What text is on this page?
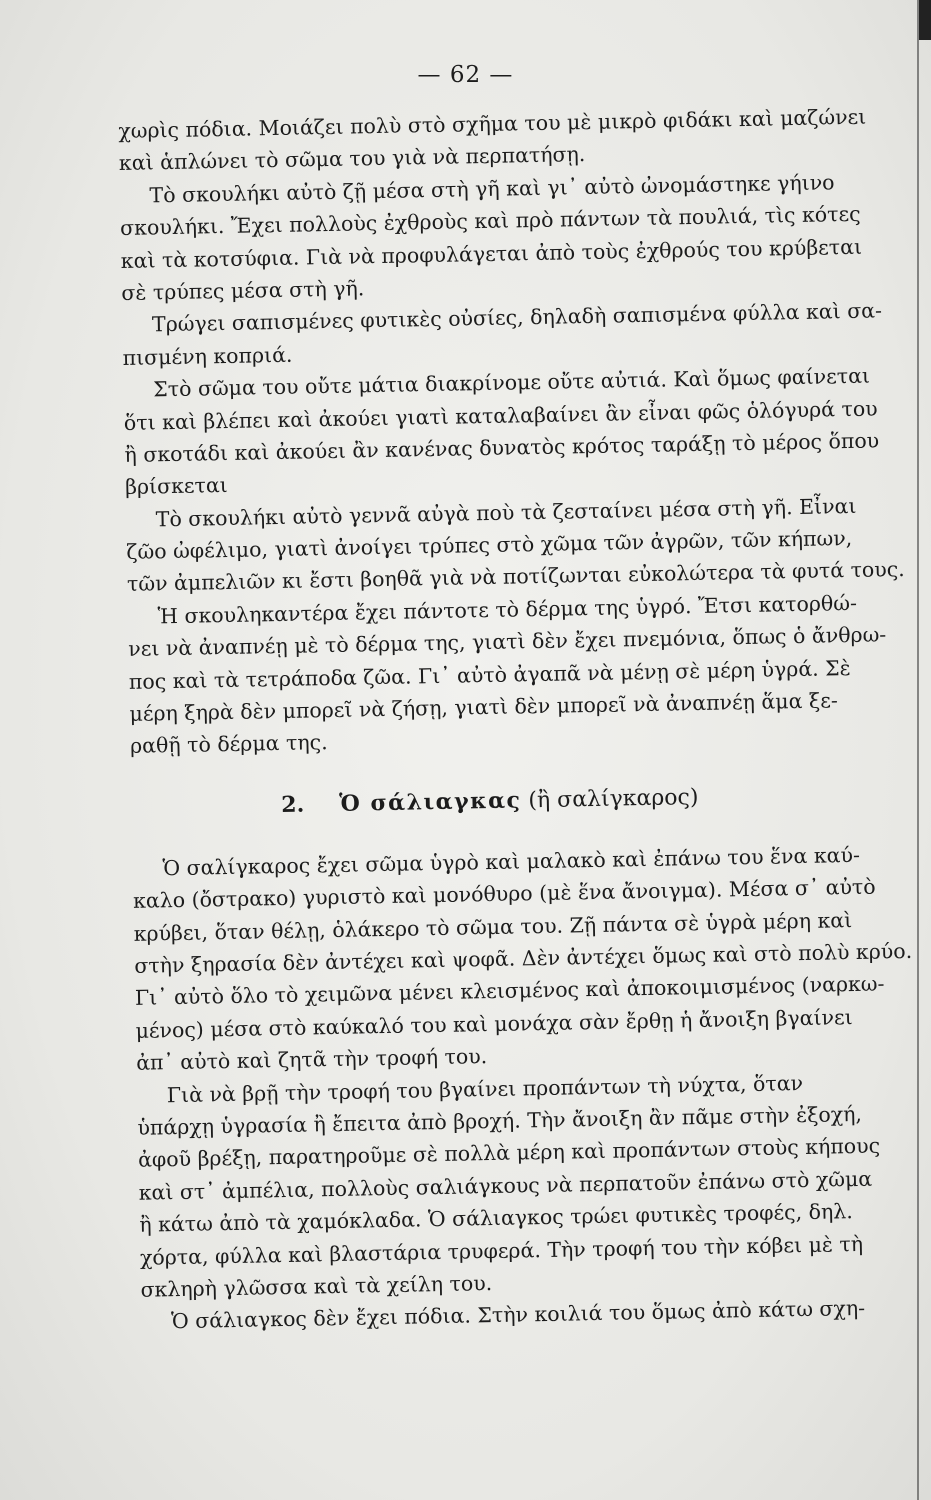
— 62 —
χωρὶς πόδια. Μοιάζει πολὺ στὸ σχῆμα του μὲ μικρὸ φιδάκι καὶ μαζώνει
καὶ ἁπλώνει τὸ σῶμα του γιὰ νὰ περπατήσῃ.
Τὸ σκουλήκι αὐτὸ ζῇ μέσα στὴ γῆ καὶ γι᾽ αὐτὸ ὠνομάστηκε γήινο
σκουλήκι. Ἔχει πολλοὺς ἐχθροὺς καὶ πρὸ πάντων τὰ πουλιά, τὶς κότες
καὶ τὰ κοτσύφια. Γιὰ νὰ προφυλάγεται ἀπὸ τοὺς ἐχθρούς του κρύβεται
σὲ τρύπες μέσα στὴ γῆ.
Τρώγει σαπισμένες φυτικὲς οὐσίες, δηλαδὴ σαπισμένα φύλλα καὶ σα-
πισμένη κοπριά.
Στὸ σῶμα του οὔτε μάτια διακρίνομε οὔτε αὐτιά. Καὶ ὅμως φαίνεται
ὅτι καὶ βλέπει καὶ ἀκούει γιατὶ καταλαβαίνει ἂν εἶναι φῶς ὁλόγυρά του
ἢ σκοτάδι καὶ ἀκούει ἂν κανένας δυνατὸς κρότος ταράξῃ τὸ μέρος ὅπου
βρίσκεται
Τὸ σκουλήκι αὐτὸ γεννᾶ αὐγὰ ποὺ τὰ ζεσταίνει μέσα στὴ γῆ. Εἶναι
ζῶο ὠφέλιμο, γιατὶ ἀνοίγει τρύπες στὸ χῶμα τῶν ἀγρῶν, τῶν κήπων,
τῶν ἀμπελιῶν κι ἔστι βοηθᾶ γιὰ νὰ ποτίζωνται εὐκολώτερα τὰ φυτά τους.
Ἡ σκουληκαντέρα ἔχει πάντοτε τὸ δέρμα της ὑγρό. Ἔτσι κατορθώ-
νει νὰ ἀναπνέῃ μὲ τὸ δέρμα της, γιατὶ δὲν ἔχει πνεμόνια, ὅπως ὁ ἄνθρω-
πος καὶ τὰ τετράποδα ζῶα. Γι᾽ αὐτὸ ἀγαπᾶ νὰ μένῃ σὲ μέρη ὑγρά. Σὲ
μέρη ξηρὰ δὲν μπορεῖ νὰ ζήσῃ, γιατὶ δὲν μπορεῖ νὰ ἀναπνέῃ ἅμα ξε-
ραθῇ τὸ δέρμα της.
2. Ὁ σάλιαγκας (ἢ σαλίγκαρος)
Ὁ σαλίγκαρος ἔχει σῶμα ὑγρὸ καὶ μαλακὸ καὶ ἐπάνω του ἕνα καύ-
καλο (ὄστρακο) γυριστὸ καὶ μονόθυρο (μὲ ἕνα ἄνοιγμα). Μέσα σ᾽ αὐτὸ
κρύβει, ὅταν θέλῃ, ὁλάκερο τὸ σῶμα του. Ζῇ πάντα σὲ ὑγρὰ μέρη καὶ
στὴν ξηρασία δὲν ἀντέχει καὶ ψοφᾶ. Δὲν ἀντέχει ὅμως καὶ στὸ πολὺ κρύο.
Γι᾽ αὐτὸ ὅλο τὸ χειμῶνα μένει κλεισμένος καὶ ἀποκοιμισμένος (ναρκω-
μένος) μέσα στὸ καύκαλό του καὶ μονάχα σὰν ἔρθῃ ἡ ἄνοιξη βγαίνει
ἀπ᾽ αὐτὸ καὶ ζητᾶ τὴν τροφή του.
Γιὰ νὰ βρῇ τὴν τροφή του βγαίνει προπάντων τὴ νύχτα, ὅταν
ὑπάρχῃ ὑγρασία ἢ ἔπειτα ἀπὸ βροχή. Τὴν ἄνοιξη ἂν πᾶμε στὴν ἐξοχή,
ἀφοῦ βρέξῃ, παρατηροῦμε σὲ πολλὰ μέρη καὶ προπάντων στοὺς κήπους
καὶ στ᾽ ἀμπέλια, πολλοὺς σαλιάγκους νὰ περπατοῦν ἐπάνω στὸ χῶμα
ἢ κάτω ἀπὸ τὰ χαμόκλαδα. Ὁ σάλιαγκος τρώει φυτικὲς τροφές, δηλ.
χόρτα, φύλλα καὶ βλαστάρια τρυφερά. Τὴν τροφή του τὴν κόβει μὲ τὴ
σκληρὴ γλῶσσα καὶ τὰ χείλη του.
Ὁ σάλιαγκος δὲν ἔχει πόδια. Στὴν κοιλιά του ὅμως ἀπὸ κάτω σχη-
